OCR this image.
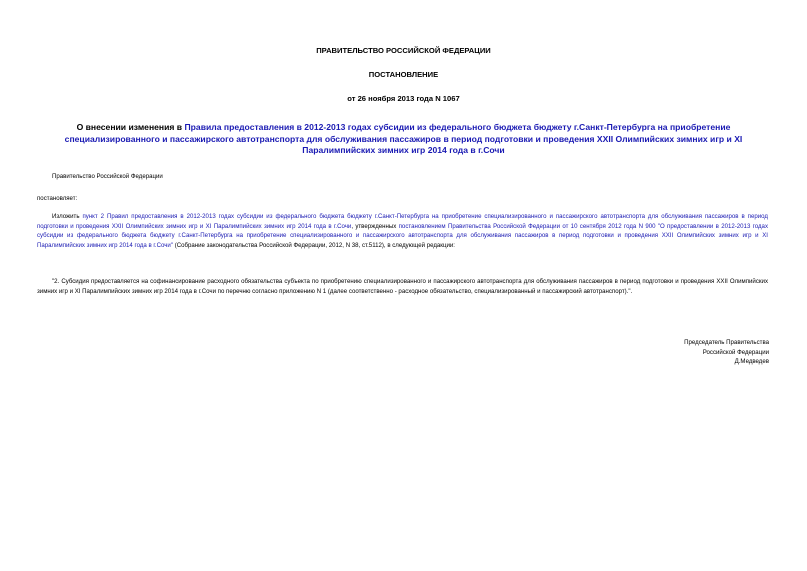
ПРАВИТЕЛЬСТВО РОССИЙСКОЙ ФЕДЕРАЦИИ
ПОСТАНОВЛЕНИЕ
от 26 ноября 2013 года N 1067
О внесении изменения в Правила предоставления в 2012-2013 годах субсидии из федерального бюджета бюджету г.Санкт-Петербурга на приобретение специализированного и пассажирского автотранспорта для обслуживания пассажиров в период подготовки и проведения XXII Олимпийских зимних игр и XI Паралимпийских зимних игр 2014 года в г.Сочи
Правительство Российской Федерации
постановляет:
Изложить пункт 2 Правил предоставления в 2012-2013 годах субсидии из федерального бюджета бюджету г.Санкт-Петербурга на приобретение специализированного и пассажирского автотранспорта для обслуживания пассажиров в период подготовки и проведения XXII Олимпийских зимних игр и XI Паралимпийских зимних игр 2014 года в г.Сочи, утвержденных постановлением Правительства Российской Федерации от 10 сентября 2012 года N 900 "О предоставлении в 2012-2013 годах субсидии из федерального бюджета бюджету г.Санкт-Петербурга на приобретение специализированного и пассажирского автотранспорта для обслуживания пассажиров в период подготовки и проведения XXII Олимпийских зимних игр и XI Паралимпийских зимних игр 2014 года в г.Сочи" (Собрание законодательства Российской Федерации, 2012, N 38, ст.5112), в следующей редакции:
"2. Субсидия предоставляется на софинансирование расходного обязательства субъекта по приобретению специализированного и пассажирского автотранспорта для обслуживания пассажиров в период подготовки и проведения XXII Олимпийских зимних игр и XI Паралимпийских зимних игр 2014 года в г.Сочи по перечню согласно приложению N 1 (далее соответственно - расходное обязательство, специализированный и пассажирский автотранспорт).".
Председатель Правительства
Российской Федерации
Д.Медведев
